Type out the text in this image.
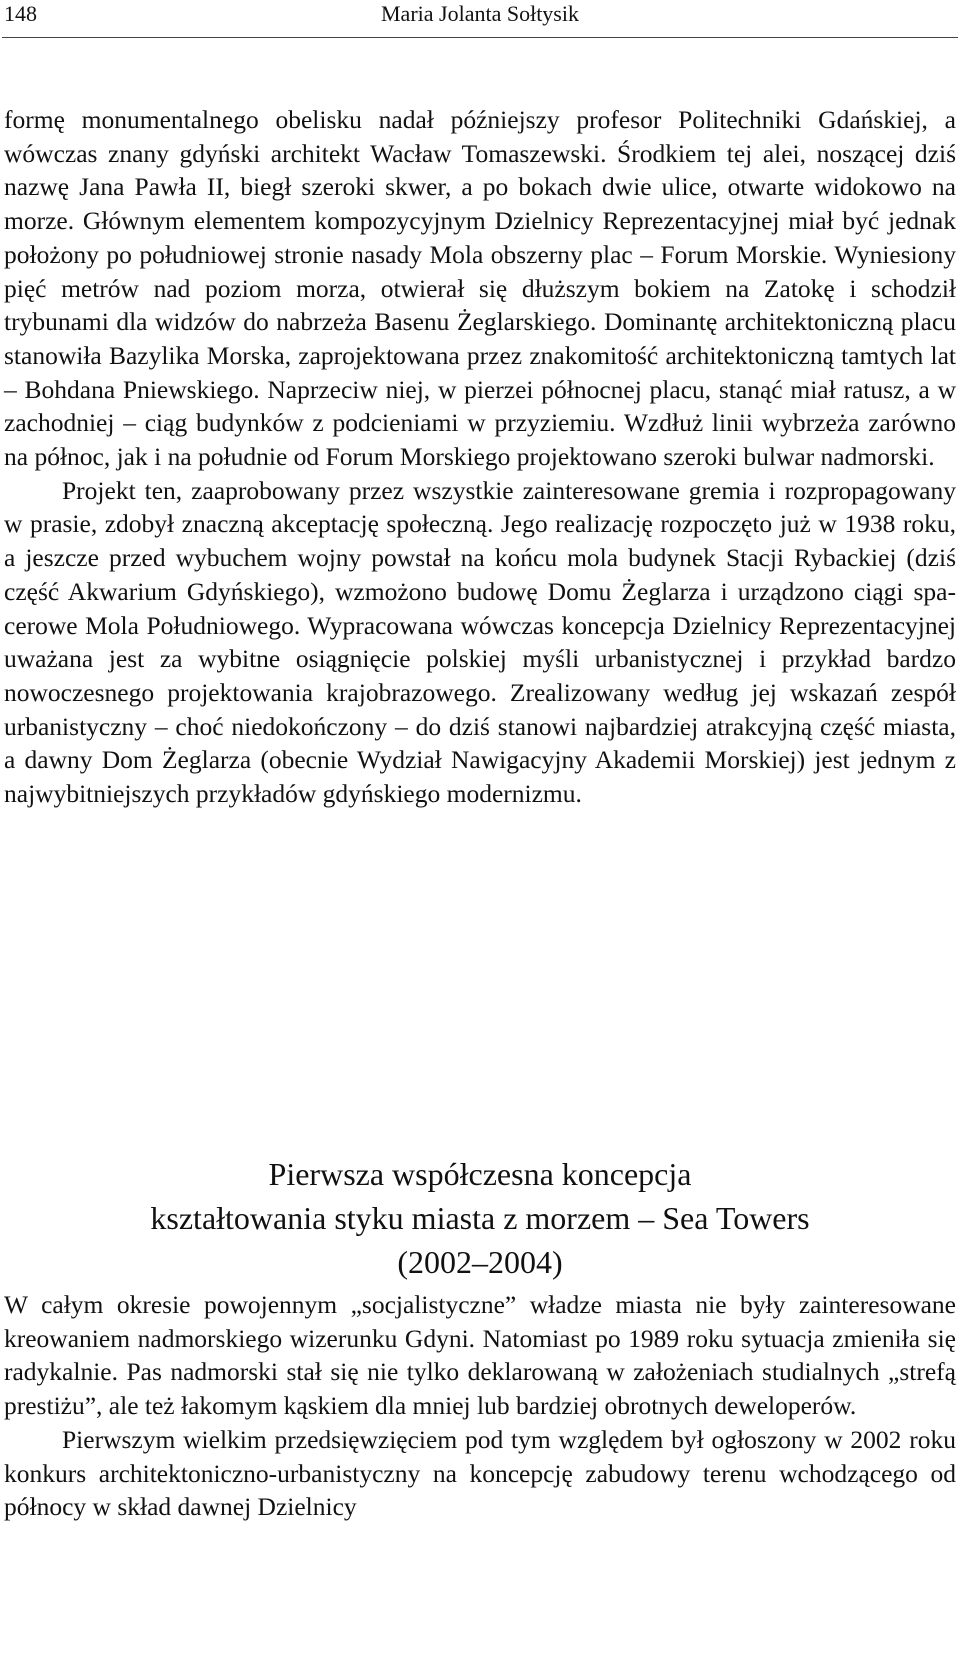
148	Maria Jolanta Sołtysik

formę monumentalnego obelisku nadał późniejszy profesor Politechniki Gdańskiej, a wówczas znany gdyński architekt Wacław Tomaszewski. Środkiem tej alei, noszącej dziś nazwę Jana Pawła II, biegł szeroki skwer, a po bokach dwie ulice, otwarte widokowo na morze. Głównym elementem kompozycyjnym Dzielnicy Reprezentacyjnej miał być jednak położony po południowej stronie nasady Mola obszerny plac – Forum Morskie. Wyniesiony pięć metrów nad poziom morza, otwierał się dłuższym bokiem na Zatokę i schodził trybunami dla widzów do nabrzeża Basenu Żeglarskiego. Dominantę architektoniczną placu stanowiła Bazylika Morska, zaprojektowana przez znakomitość architektoniczną tamtych lat – Bohdana Pniewskiego. Naprzeciw niej, w pierzei północnej placu, stanąć miał ratusz, a w zachodniej – ciąg budynków z podcieniami w przyziemiu. Wzdłuż linii wybrzeża zarówno na północ, jak i na południe od Forum Morskiego projektowano szeroki bulwar nadmorski.

Projekt ten, zaaprobowany przez wszystkie zainteresowane gremia i rozpropagowany w prasie, zdobył znaczną akceptację społeczną. Jego realizację rozpoczęto już w 1938 roku, a jeszcze przed wybuchem wojny powstał na końcu mola budynek Stacji Rybackiej (dziś część Akwarium Gdyńskiego), wzmożono budowę Domu Żeglarza i urządzono ciągi spacerowe Mola Południowego. Wypracowana wówczas koncepcja Dzielnicy Reprezentacyjnej uważana jest za wybitne osiągnięcie polskiej myśli urbanistycznej i przykład bardzo nowoczesnego projektowania krajobrazowego. Zrealizowany według jej wskazań zespół urbanistyczny – choć niedokończony – do dziś stanowi najbardziej atrakcyjną część miasta, a dawny Dom Żeglarza (obecnie Wydział Nawigacyjny Akademii Morskiej) jest jednym z najwybitniejszych przykładów gdyńskiego modernizmu.

Pierwsza współczesna koncepcja
kształtowania styku miasta z morzem – Sea Towers
(2002–2004)

W całym okresie powojennym „socjalistyczne” władze miasta nie były zainteresowane kreowaniem nadmorskiego wizerunku Gdyni. Natomiast po 1989 roku sytuacja zmieniła się radykalnie. Pas nadmorski stał się nie tylko deklarowaną w założeniach studialnych „strefą prestiżu”, ale też łakomym kąskiem dla mniej lub bardziej obrotnych deweloperów.

Pierwszym wielkim przedsięwzięciem pod tym względem był ogłoszony w 2002 roku konkurs architektoniczno-urbanistyczny na koncepcję zabudowy terenu wchodzącego od północy w skład dawnej Dzielnicy
